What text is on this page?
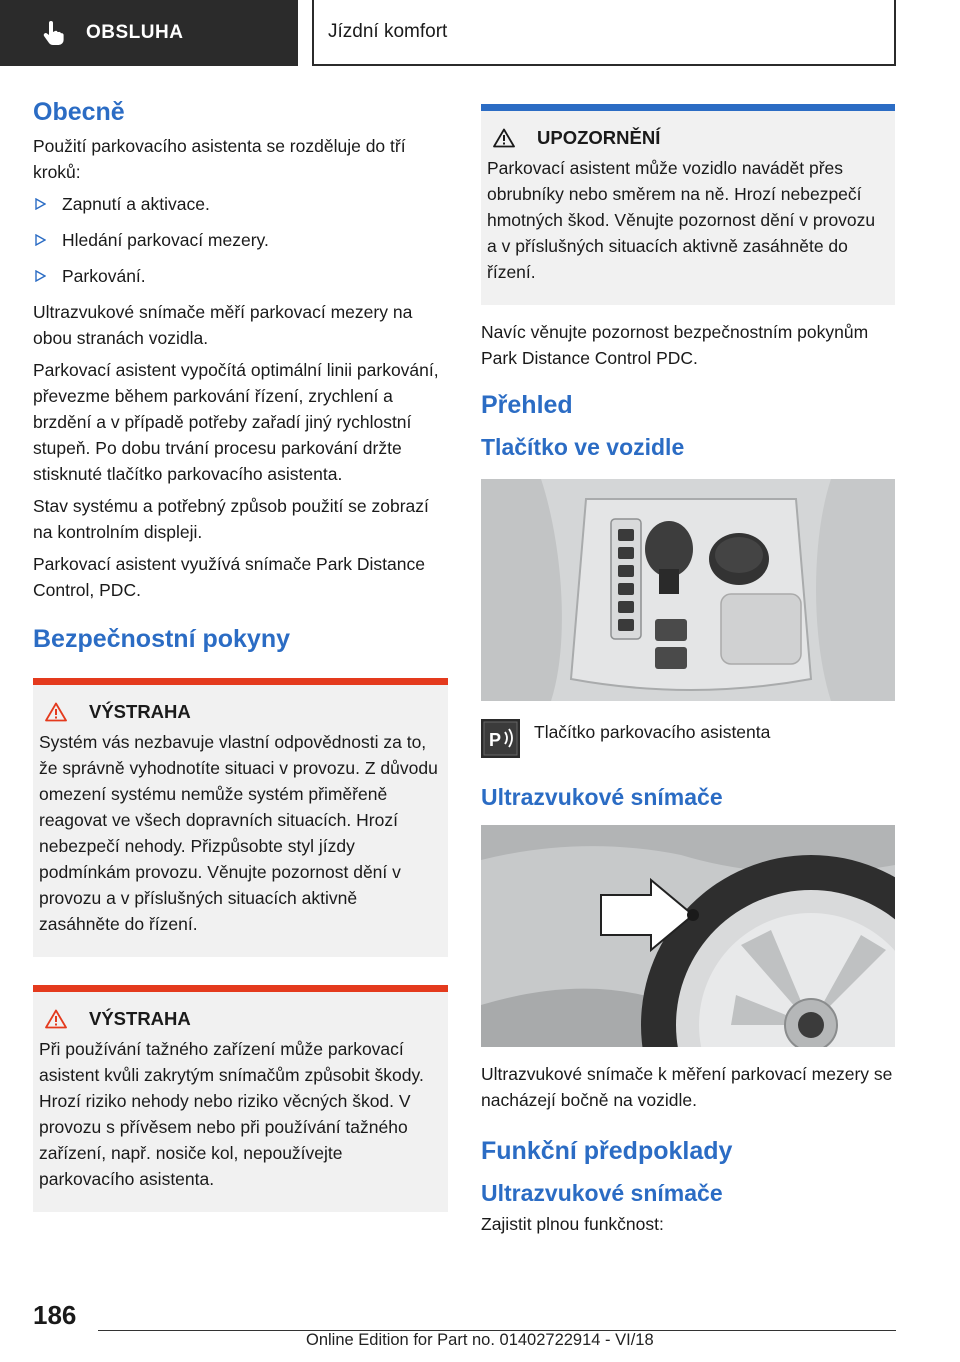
OBSLUHA	Jízdní komfort
Obecně

Použití parkovacího asistenta se rozděluje do tří kroků:

Zapnutí a aktivace.
Hledání parkovací mezery.
Parkování.

Ultrazvukové snímače měří parkovací mezery na obou stranách vozidla.

Parkovací asistent vypočítá optimální linii parkování, převezme během parkování řízení, zrychlení a brzdění a v případě potřeby zařadí jiný rychlostní stupeň. Po dobu trvání procesu parkování držte stisknuté tlačítko parkovacího asistenta.

Stav systému a potřebný způsob použití se zobrazí na kontrolním displeji.

Parkovací asistent využívá snímače Park Distance Control, PDC.

Bezpečnostní pokyny
VÝSTRAHA

Systém vás nezbavuje vlastní odpovědnosti za to, že správně vyhodnotíte situaci v provozu. Z důvodu omezení systému nemůže systém přiměřeně reagovat ve všech dopravních situacích. Hrozí nebezpečí nehody. Přizpůsobte styl jízdy podmínkám provozu. Věnujte pozornost dění v provozu a v příslušných situacích aktivně zasáhněte do řízení.

VÝSTRAHA

Při používání tažného zařízení může parkovací asistent kvůli zakrytým snímačům způsobit škody. Hrozí riziko nehody nebo riziko věcných škod. V provozu s přívěsem nebo při používání tažného zařízení, např. nosiče kol, nepoužívejte parkovacího asistenta.

UPOZORNĚNÍ

Parkovací asistent může vozidlo navádět přes obrubníky nebo směrem na ně. Hrozí nebezpečí hmotných škod. Věnujte pozornost dění v provozu a v příslušných situacích aktivně zasáhněte do řízení.

Navíc věnujte pozornost bezpečnostním pokynům Park Distance Control PDC.

Přehled
Tlačítko ve vozidle
P Tlačítko parkovacího asistenta

Ultrazvukové snímače

Ultrazvukové snímače k měření parkovací mezery se nacházejí bočně na vozidle.

Funkční předpoklady
Ultrazvukové snímače

Zajistit plnou funkčnost:

186
Online Edition for Part no. 01402722914 - VI/18
